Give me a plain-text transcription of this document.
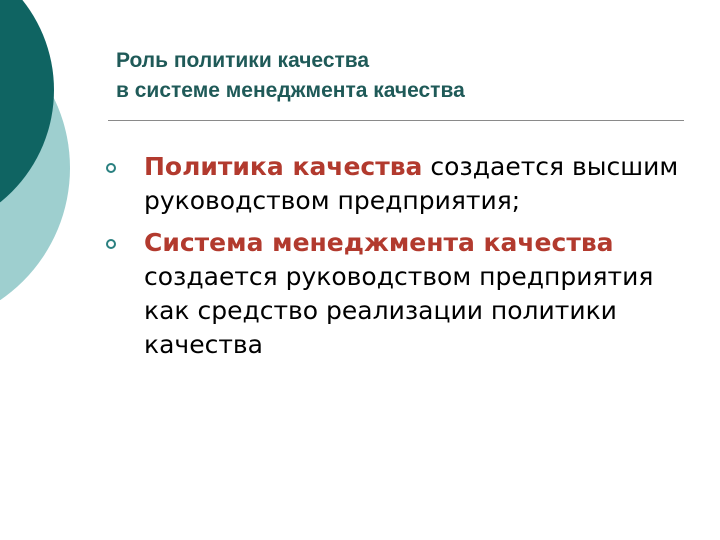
Роль политики качества
в системе менеджмента качества
Политика качества создается высшим руководством предприятия;
Система менеджмента качества создается руководством предприятия как средство реализации политики качества
